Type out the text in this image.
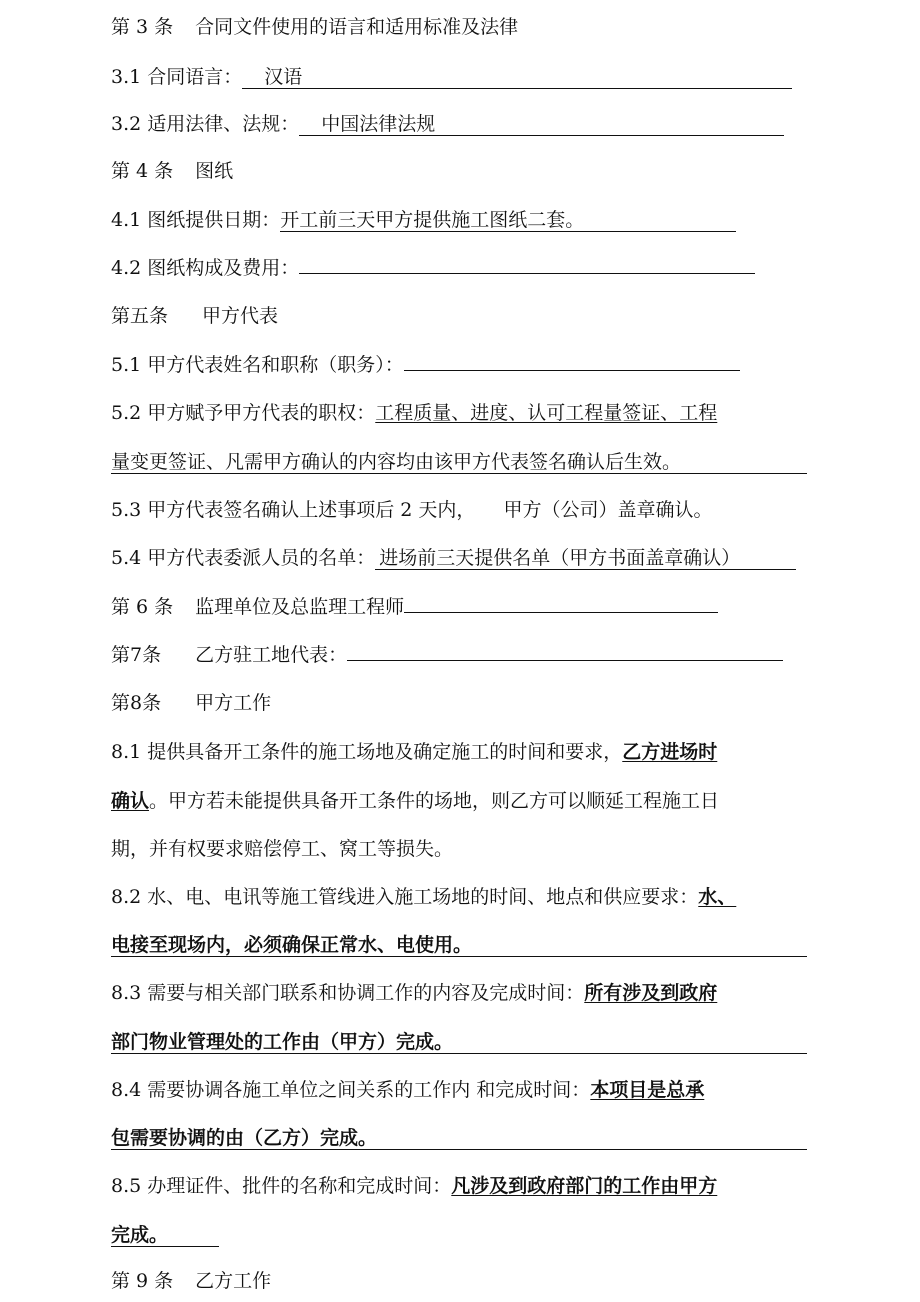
第 3 条 合同文件使用的语言和适用标准及法律
3.1 合同语言： 汉语
3.2 适用法律、法规： 中国法律法规
第 4 条 图纸
4.1 图纸提供日期：开工前三天甲方提供施工图纸二套。
4.2 图纸构成及费用：
第五条 甲方代表
5.1 甲方代表姓名和职称（职务）：
5.2 甲方赋予甲方代表的职权：工程质量、进度、认可工程量签证、工程
量变更签证、凡需甲方确认的内容均由该甲方代表签名确认后生效。
5.3 甲方代表签名确认上述事项后 2 天内， 甲方（公司）盖章确认。
5.4 甲方代表委派人员的名单： 进场前三天提供名单（甲方书面盖章确认）
第 6 条 监理单位及总监理工程师
第7条 乙方驻工地代表：
第8条 甲方工作
8.1 提供具备开工条件的施工场地及确定施工的时间和要求，乙方进场时
确认。甲方若未能提供具备开工条件的场地，则乙方可以顺延工程施工日
期，并有权要求赔偿停工、窝工等损失。
8.2 水、电、电讯等施工管线进入施工场地的时间、地点和供应要求：水、
电接至现场内，必须确保正常水、电使用。
8.3 需要与相关部门联系和协调工作的内容及完成时间：所有涉及到政府
部门物业管理处的工作由（甲方）完成。
8.4 需要协调各施工单位之间关系的工作内 和完成时间：本项目是总承
包需要协调的由（乙方）完成。
8.5 办理证件、批件的名称和完成时间：凡涉及到政府部门的工作由甲方
完成。
第 9 条 乙方工作
